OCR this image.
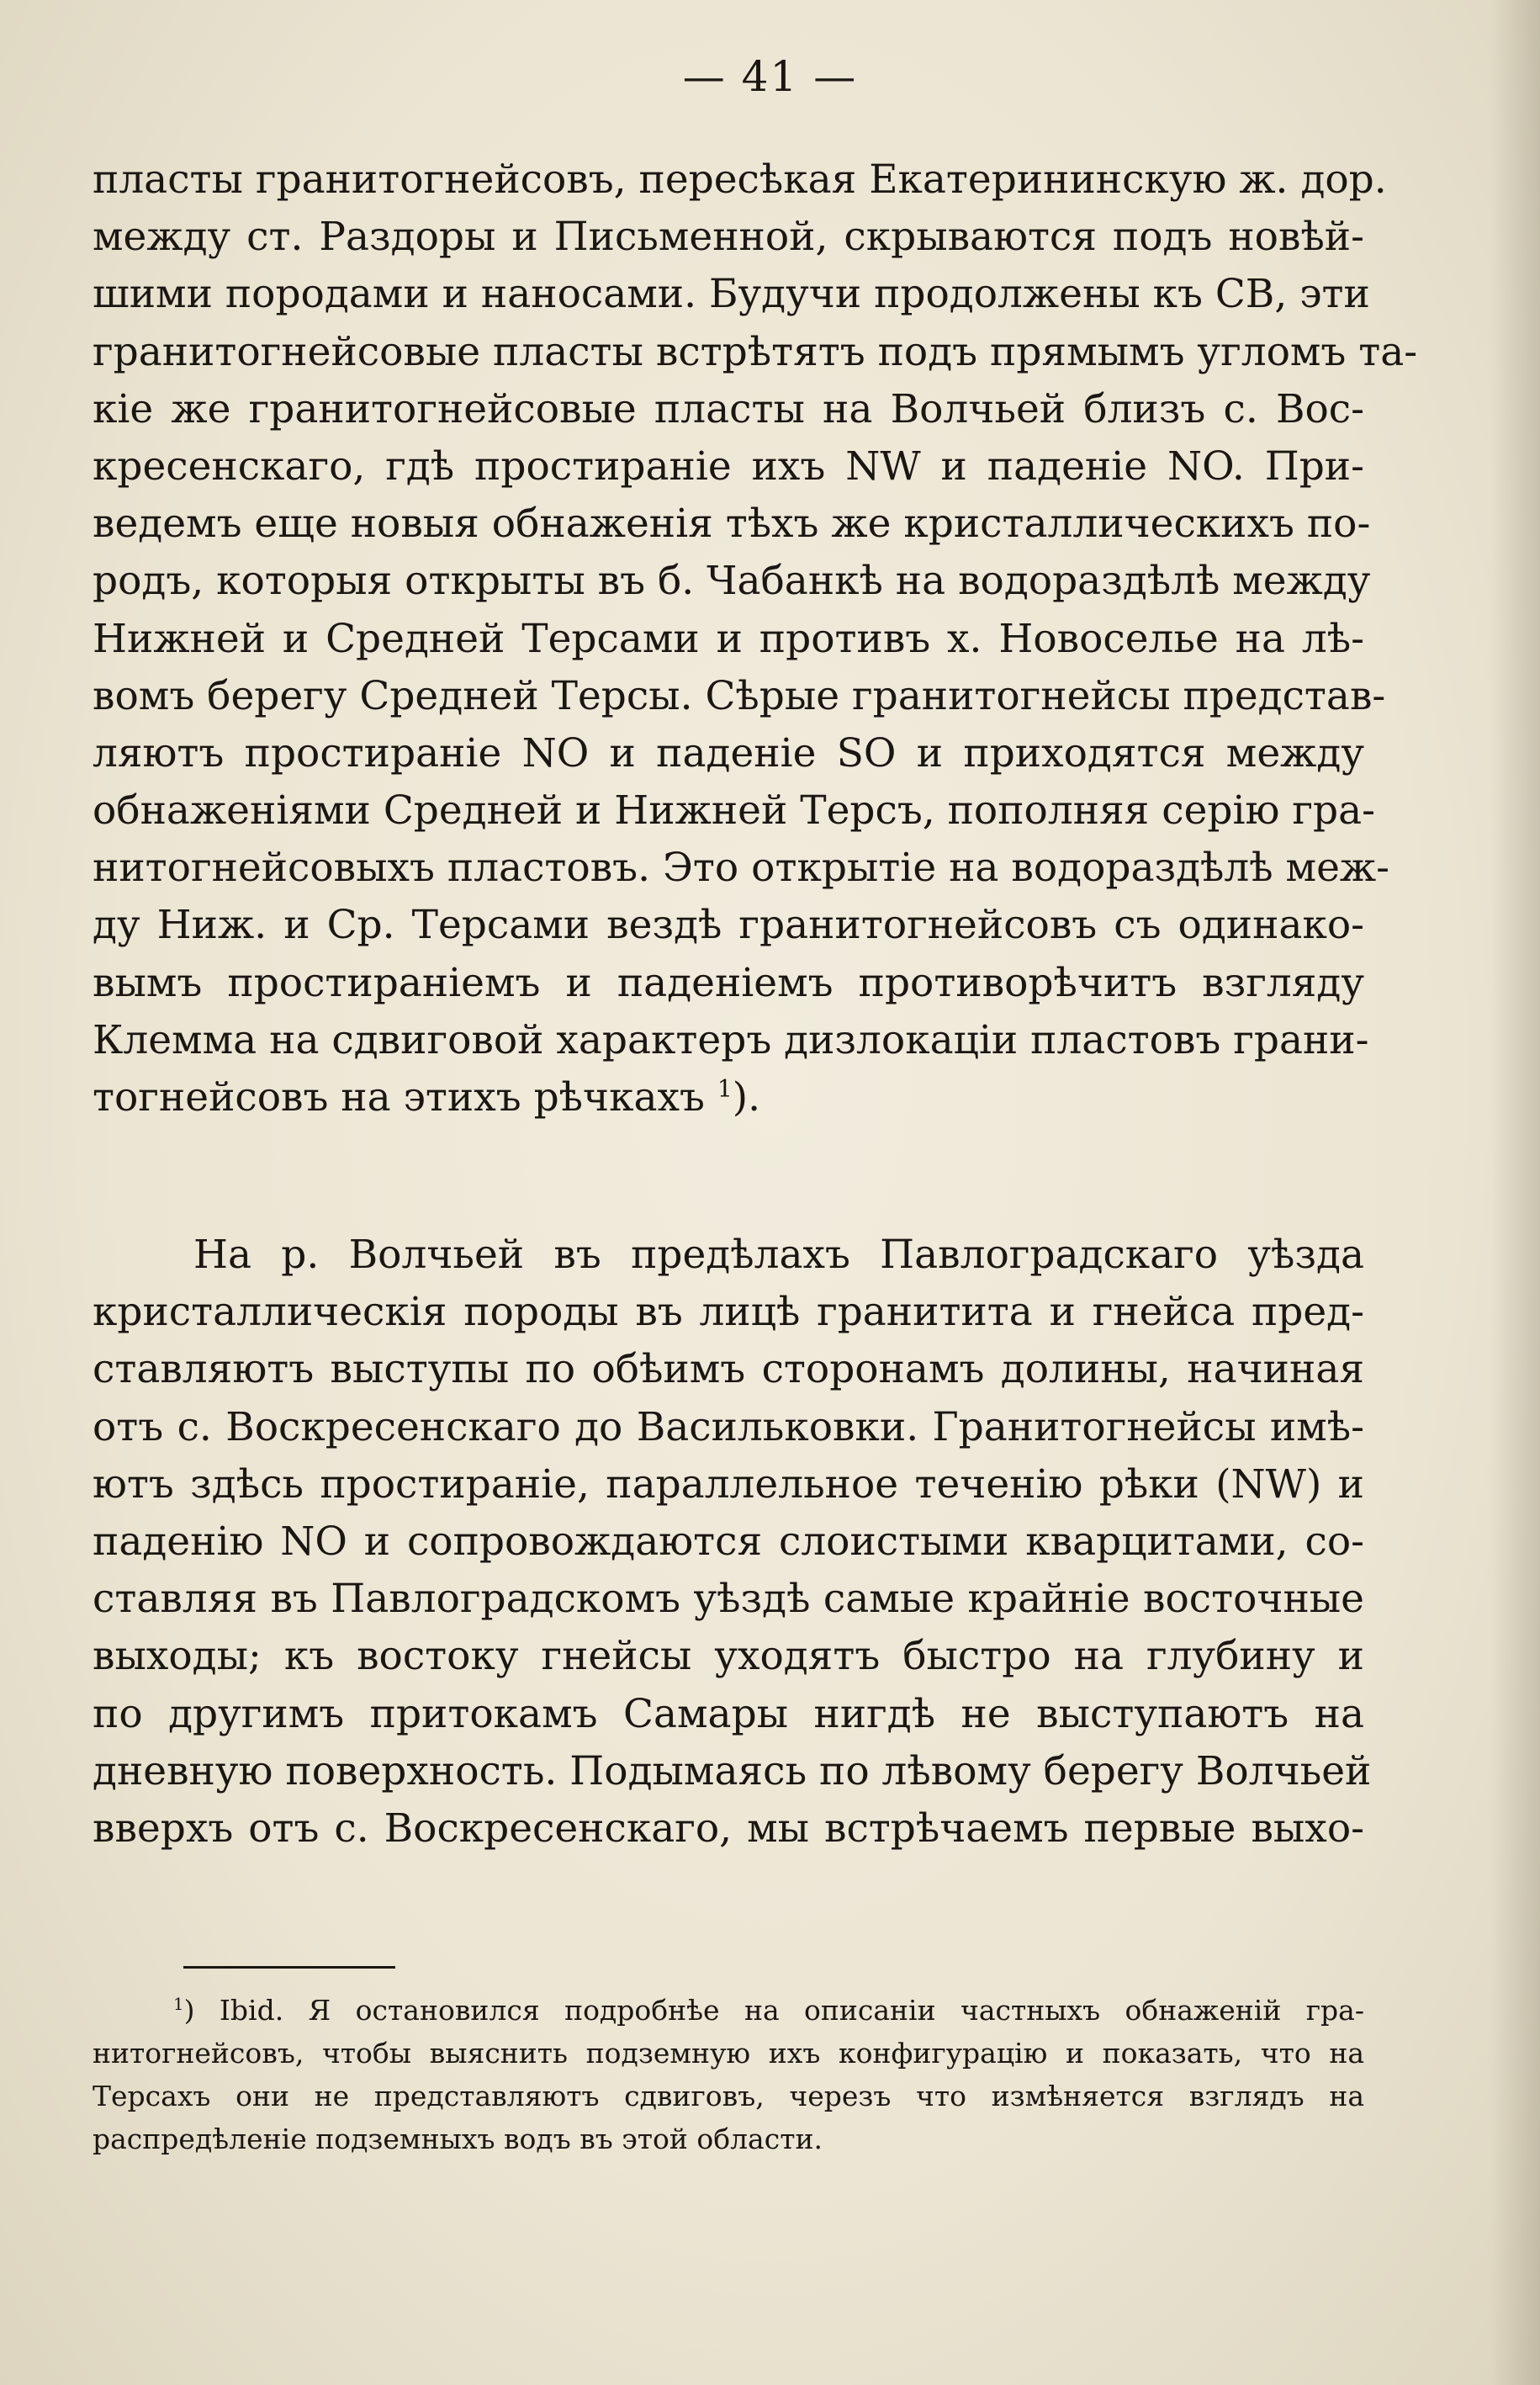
— 41 —
пласты гранитогнейсовъ, пересѣкая Екатерининскую ж. дор.
между ст. Раздоры и Письменной, скрываются подъ новѣй-
шими породами и наносами. Будучи продолжены къ СВ, эти
гранитогнейсовые пласты встрѣтятъ подъ прямымъ угломъ та-
кіе же гранитогнейсовые пласты на Волчьей близъ с. Вос-
кресенскаго, гдѣ простираніе ихъ NW и паденіе NO. При-
ведемъ еще новыя обнаженія тѣхъ же кристаллическихъ по-
родъ, которыя открыты въ б. Чабанкѣ на водораздѣлѣ между
Нижней и Средней Терсами и противъ х. Новоселье на лѣ-
вомъ берегу Средней Терсы. Сѣрые гранитогнейсы представ-
ляютъ простираніе NO и паденіе SO и приходятся между
обнаженіями Средней и Нижней Терсъ, пополняя серію гра-
нитогнейсовыхъ пластовъ. Это открытіе на водораздѣлѣ меж-
ду Ниж. и Ср. Терсами вездѣ гранитогнейсовъ съ одинако-
вымъ простираніемъ и паденіемъ противорѣчитъ взгляду
Клемма на сдвиговой характеръ дизлокаціи пластовъ грани-
тогнейсовъ на этихъ рѣчкахъ $^1$).
На р. Волчьей въ предѣлахъ Павлоградскаго уѣзда
кристаллическія породы въ лицѣ гранитита и гнейса пред-
ставляютъ выступы по обѣимъ сторонамъ долины, начиная
отъ с. Воскресенскаго до Васильковки. Гранитогнейсы имѣ-
ютъ здѣсь простираніе, параллельное теченію рѣки (NW) и
паденію NO и сопровождаются слоистыми кварцитами, со-
ставляя въ Павлоградскомъ уѣздѣ самые крайніе восточные
выходы; къ востоку гнейсы уходятъ быстро на глубину и
по другимъ притокамъ Самары нигдѣ не выступаютъ на
дневную поверхность. Подымаясь по лѣвому берегу Волчьей
вверхъ отъ с. Воскресенскаго, мы встрѣчаемъ первые выхо-
$^1$) Ibid. Я остановился подробнѣе на описаніи частныхъ обнаженій гра-
нитогнейсовъ, чтобы выяснить подземную ихъ конфигурацію и показать, что на
Терсахъ они не представляютъ сдвиговъ, черезъ что измѣняется взглядъ на
распредѣленіе подземныхъ водъ въ этой области.
